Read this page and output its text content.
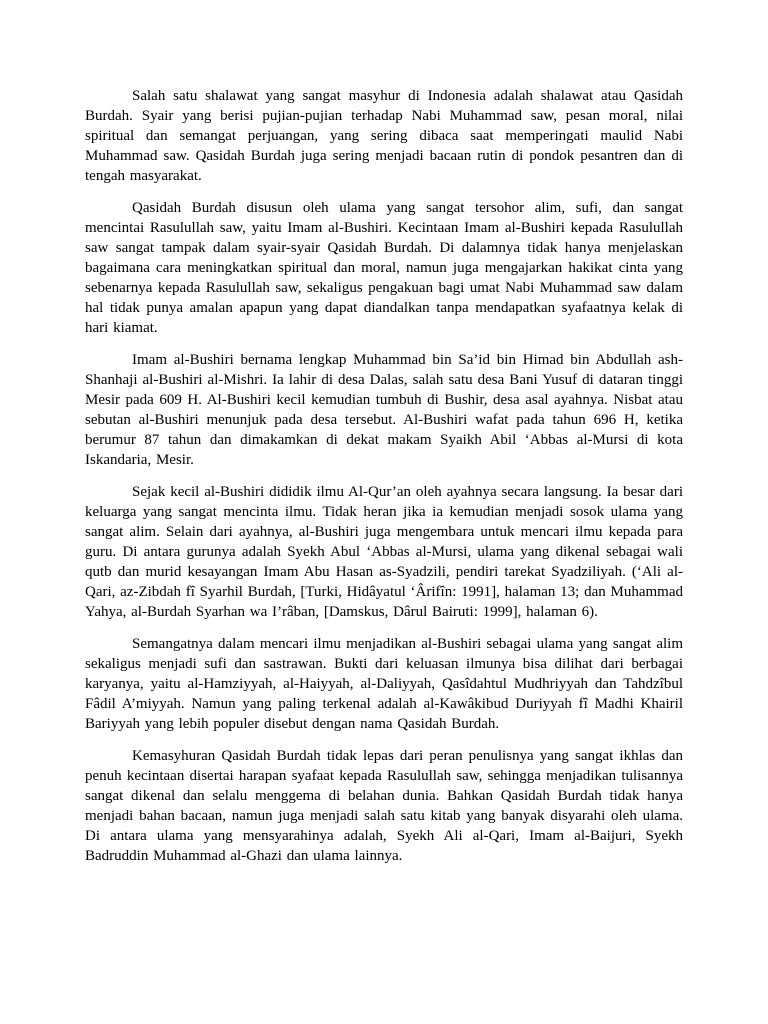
Salah satu shalawat yang sangat masyhur di Indonesia adalah shalawat atau Qasidah Burdah. Syair yang berisi pujian-pujian terhadap Nabi Muhammad saw, pesan moral, nilai spiritual dan semangat perjuangan, yang sering dibaca saat memperingati maulid Nabi Muhammad saw. Qasidah Burdah juga sering menjadi bacaan rutin di pondok pesantren dan di tengah masyarakat.

Qasidah Burdah disusun oleh ulama yang sangat tersohor alim, sufi, dan sangat mencintai Rasulullah saw, yaitu Imam al-Bushiri. Kecintaan Imam al-Bushiri kepada Rasulullah saw sangat tampak dalam syair-syair Qasidah Burdah. Di dalamnya tidak hanya menjelaskan bagaimana cara meningkatkan spiritual dan moral, namun juga mengajarkan hakikat cinta yang sebenarnya kepada Rasulullah saw, sekaligus pengakuan bagi umat Nabi Muhammad saw dalam hal tidak punya amalan apapun yang dapat diandalkan tanpa mendapatkan syafaatnya kelak di hari kiamat.

Imam al-Bushiri bernama lengkap Muhammad bin Sa’id bin Himad bin Abdullah ash-Shanhaji al-Bushiri al-Mishri. Ia lahir di desa Dalas, salah satu desa Bani Yusuf di dataran tinggi Mesir pada 609 H. Al-Bushiri kecil kemudian tumbuh di Bushir, desa asal ayahnya. Nisbat atau sebutan al-Bushiri menunjuk pada desa tersebut. Al-Bushiri wafat pada tahun 696 H, ketika berumur 87 tahun dan dimakamkan di dekat makam Syaikh Abil ‘Abbas al-Mursi di kota Iskandaria, Mesir.

Sejak kecil al-Bushiri dididik ilmu Al-Qur’an oleh ayahnya secara langsung. Ia besar dari keluarga yang sangat mencinta ilmu. Tidak heran jika ia kemudian menjadi sosok ulama yang sangat alim. Selain dari ayahnya, al-Bushiri juga mengembara untuk mencari ilmu kepada para guru. Di antara gurunya adalah Syekh Abul ‘Abbas al-Mursi, ulama yang dikenal sebagai wali qutb dan murid kesayangan Imam Abu Hasan as-Syadzili, pendiri tarekat Syadziliyah. (‘Ali al-Qari, az-Zibdah fî Syarhil Burdah, [Turki, Hidâyatul ‘Ârifîn: 1991], halaman 13; dan Muhammad Yahya, al-Burdah Syarhan wa I’râban, [Damskus, Dârul Bairuti: 1999], halaman 6).

Semangatnya dalam mencari ilmu menjadikan al-Bushiri sebagai ulama yang sangat alim sekaligus menjadi sufi dan sastrawan. Bukti dari keluasan ilmunya bisa dilihat dari berbagai karyanya, yaitu al-Hamziyyah, al-Haiyyah, al-Daliyyah, Qasîdahtul Mudhriyyah dan Tahdzîbul Fâdil A’miyyah. Namun yang paling terkenal adalah al-Kawâkibud Duriyyah fî Madhi Khairil Bariyyah yang lebih populer disebut dengan nama Qasidah Burdah.

Kemasyhuran Qasidah Burdah tidak lepas dari peran penulisnya yang sangat ikhlas dan penuh kecintaan disertai harapan syafaat kepada Rasulullah saw, sehingga menjadikan tulisannya sangat dikenal dan selalu menggema di belahan dunia. Bahkan Qasidah Burdah tidak hanya menjadi bahan bacaan, namun juga menjadi salah satu kitab yang banyak disyarahi oleh ulama. Di antara ulama yang mensyarahinya adalah, Syekh Ali al-Qari, Imam al-Baijuri, Syekh Badruddin Muhammad al-Ghazi dan ulama lainnya.
